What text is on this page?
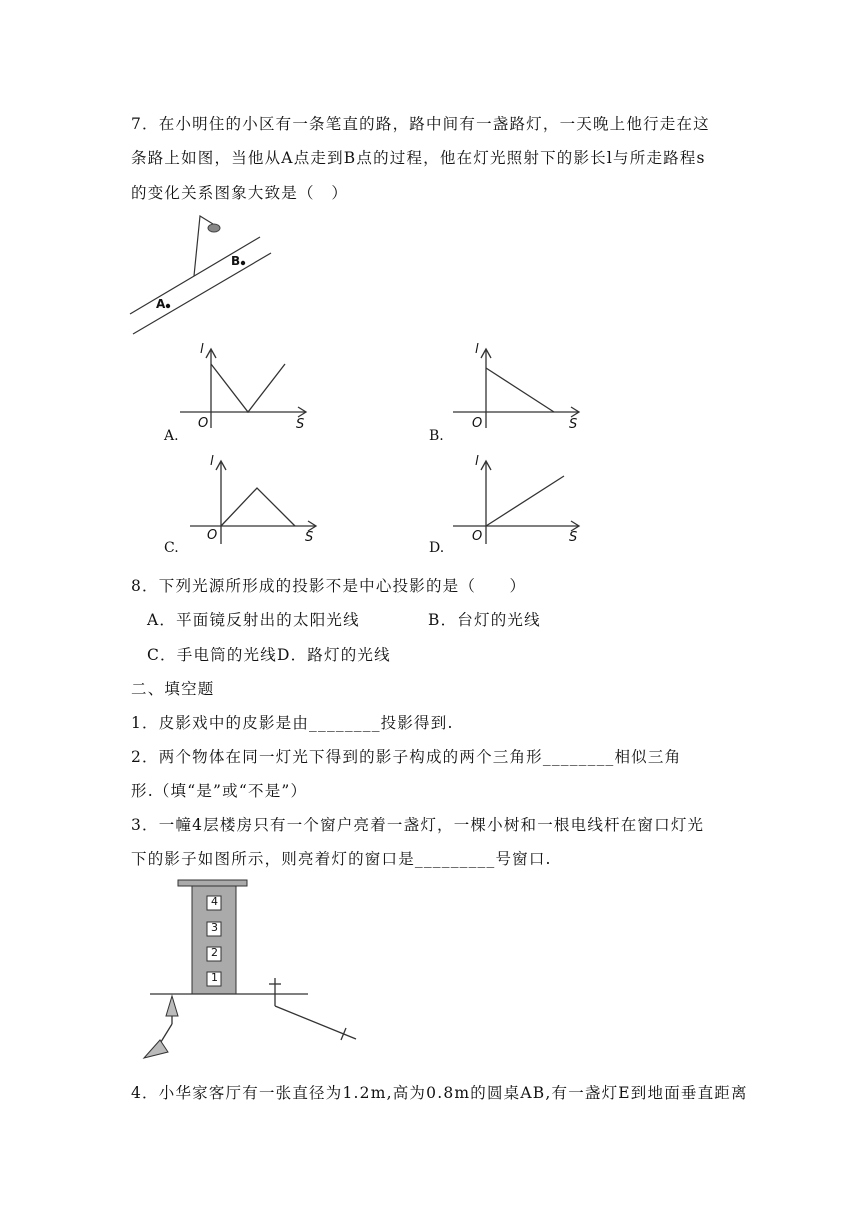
7．在小明住的小区有一条笔直的路，路中间有一盏路灯，一天晚上他行走在这
条路上如图，当他从A点走到B点的过程，他在灯光照射下的影长l与所走路程s
的变化关系图象大致是（　）
A
B
l
O	S
A.
l
O	S
B.
l
O	S
C.
l
O	S
D.
8．下列光源所形成的投影不是中心投影的是（　　）
A．平面镜反射出的太阳光线	B．台灯的光线
C．手电筒的光线D．路灯的光线
二、填空题
1．皮影戏中的皮影是由________投影得到.
2．两个物体在同一灯光下得到的影子构成的两个三角形________相似三角
形.（填“是”或“不是”）
3．一幢4层楼房只有一个窗户亮着一盏灯，一棵小树和一根电线杆在窗口灯光
下的影子如图所示，则亮着灯的窗口是_________号窗口.
4
3
2
1
4．小华家客厅有一张直径为1.2m,高为0.8m的圆桌AB,有一盏灯E到地面垂直距离
